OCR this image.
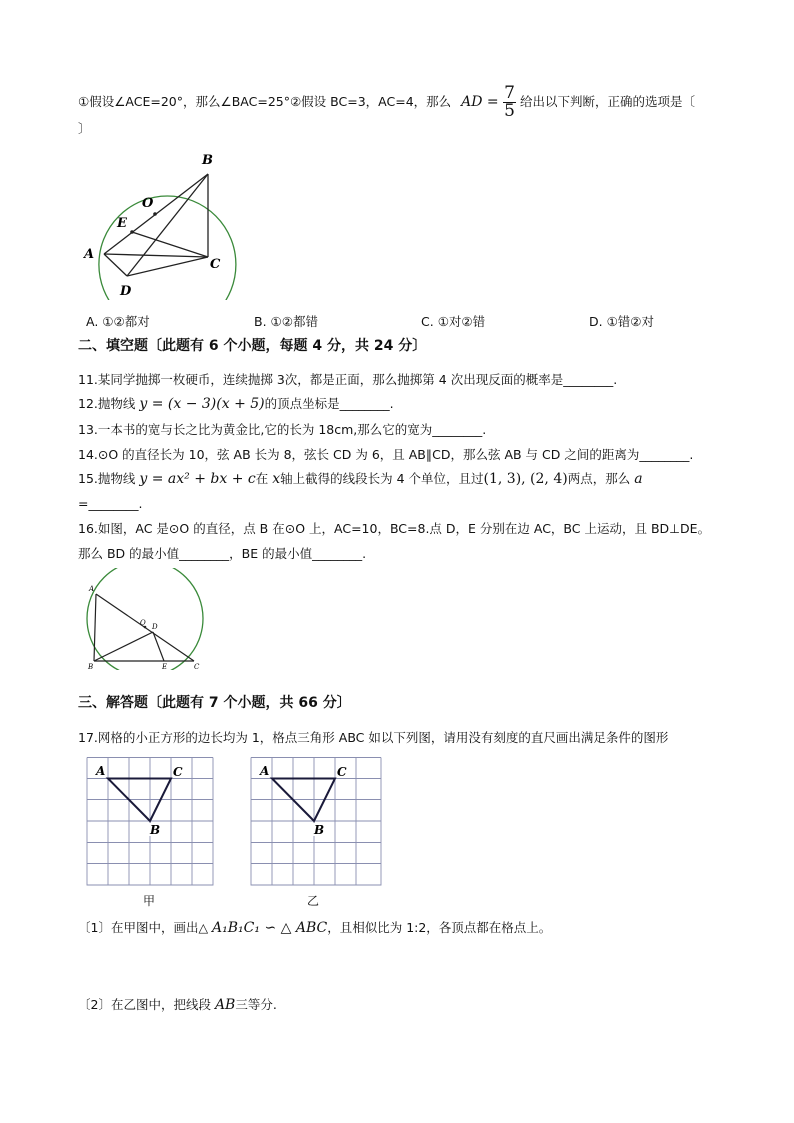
①假设∠ACE=20°，那么∠BAC=25°②假设 BC=3，AC=4，那么 AD = $\frac{7}{5}$ 给出以下判断，正确的选项是〔
〕
B
O
E
A
C
D
A. ①②都对	B. ①②都错	C. ①对②错	D. ①错②对
二、填空题〔此题有 6 个小题，每题 4 分，共 24 分〕
11.某同学抛掷一枚硬币，连续抛掷 3次，都是正面，那么抛掷第 4 次出现反面的概率是________.
12.抛物线 y = (x − 3)(x + 5)的顶点坐标是________.
13.一本书的宽与长之比为黄金比,它的长为 18cm,那么它的宽为________.
14.⊙O 的直径长为 10，弦 AB 长为 8，弦长 CD 为 6，且 AB∥CD，那么弦 AB 与 CD 之间的距离为________.
15.抛物线 y = ax² + bx + c在 x轴上截得的线段长为 4 个单位，且过(1, 3), (2, 4)两点，那么 a
=________.
16.如图，AC 是⊙O 的直径，点 B 在⊙O 上，AC=10，BC=8.点 D，E 分别在边 AC，BC 上运动，且 BD⊥DE。
那么 BD 的最小值________，BE 的最小值________.
A
O D
B	E	C
三、解答题〔此题有 7 个小题，共 66 分〕
17.网格的小正方形的边长均为 1，格点三角形 ABC 如以下列图，请用没有刻度的直尺画出满足条件的图形
A	C
B
甲
A	C
B
乙
〔1〕在甲图中，画出△ A₁B₁C₁ ∽ △ ABC，且相似比为 1:2，各顶点都在格点上。
〔2〕在乙图中，把线段 AB三等分.
